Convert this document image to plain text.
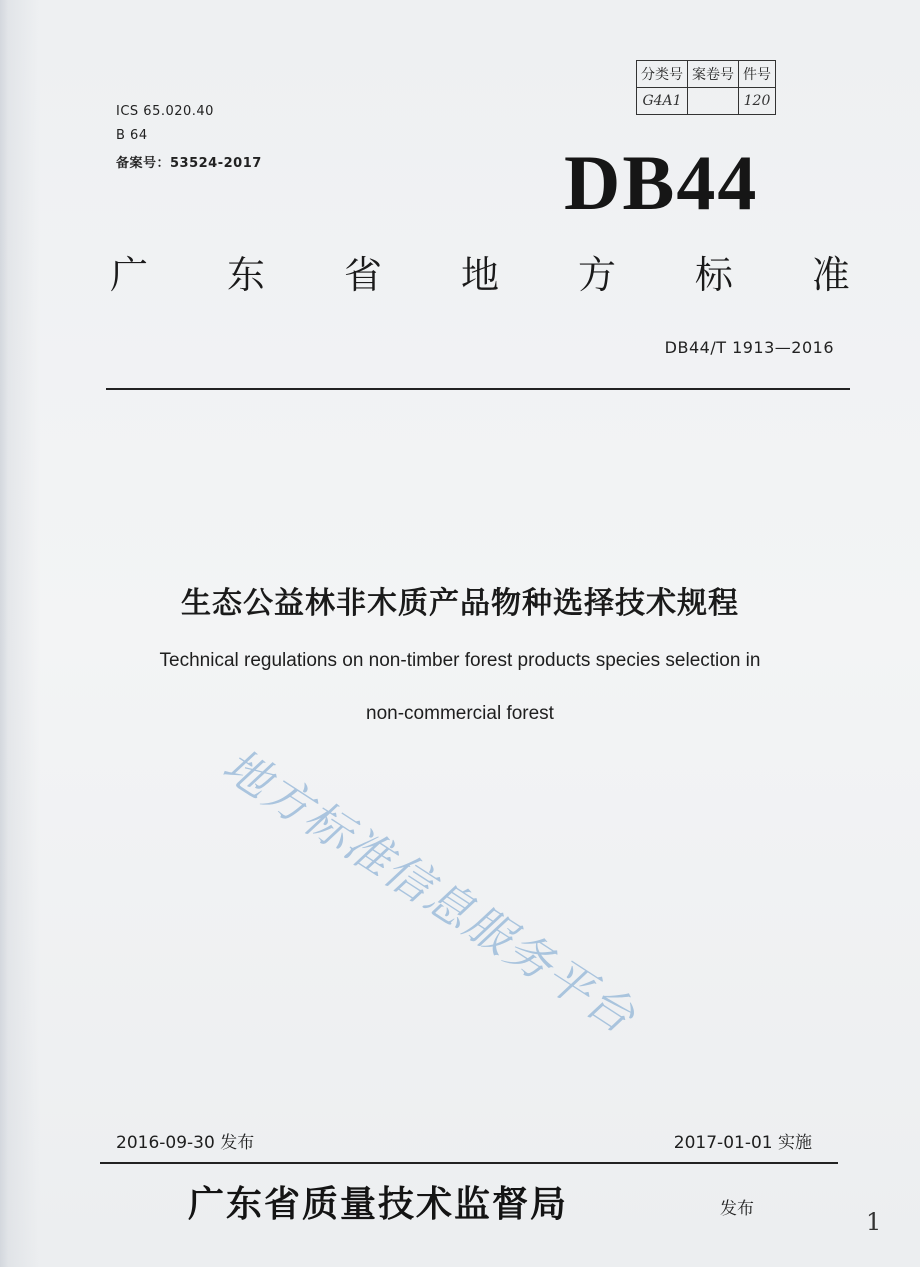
ICS 65.020.40
B 64
备案号：53524-2017
分类号	案卷号	件号
G4A1		120
DB44
广 东 省 地 方 标 准
DB44/T 1913—2016
生态公益林非木质产品物种选择技术规程
Technical regulations on non-timber forest products species selection in
non-commercial forest
地方标准信息服务平台
2016-09-30 发布	2017-01-01 实施
广东省质量技术监督局	发布	1
